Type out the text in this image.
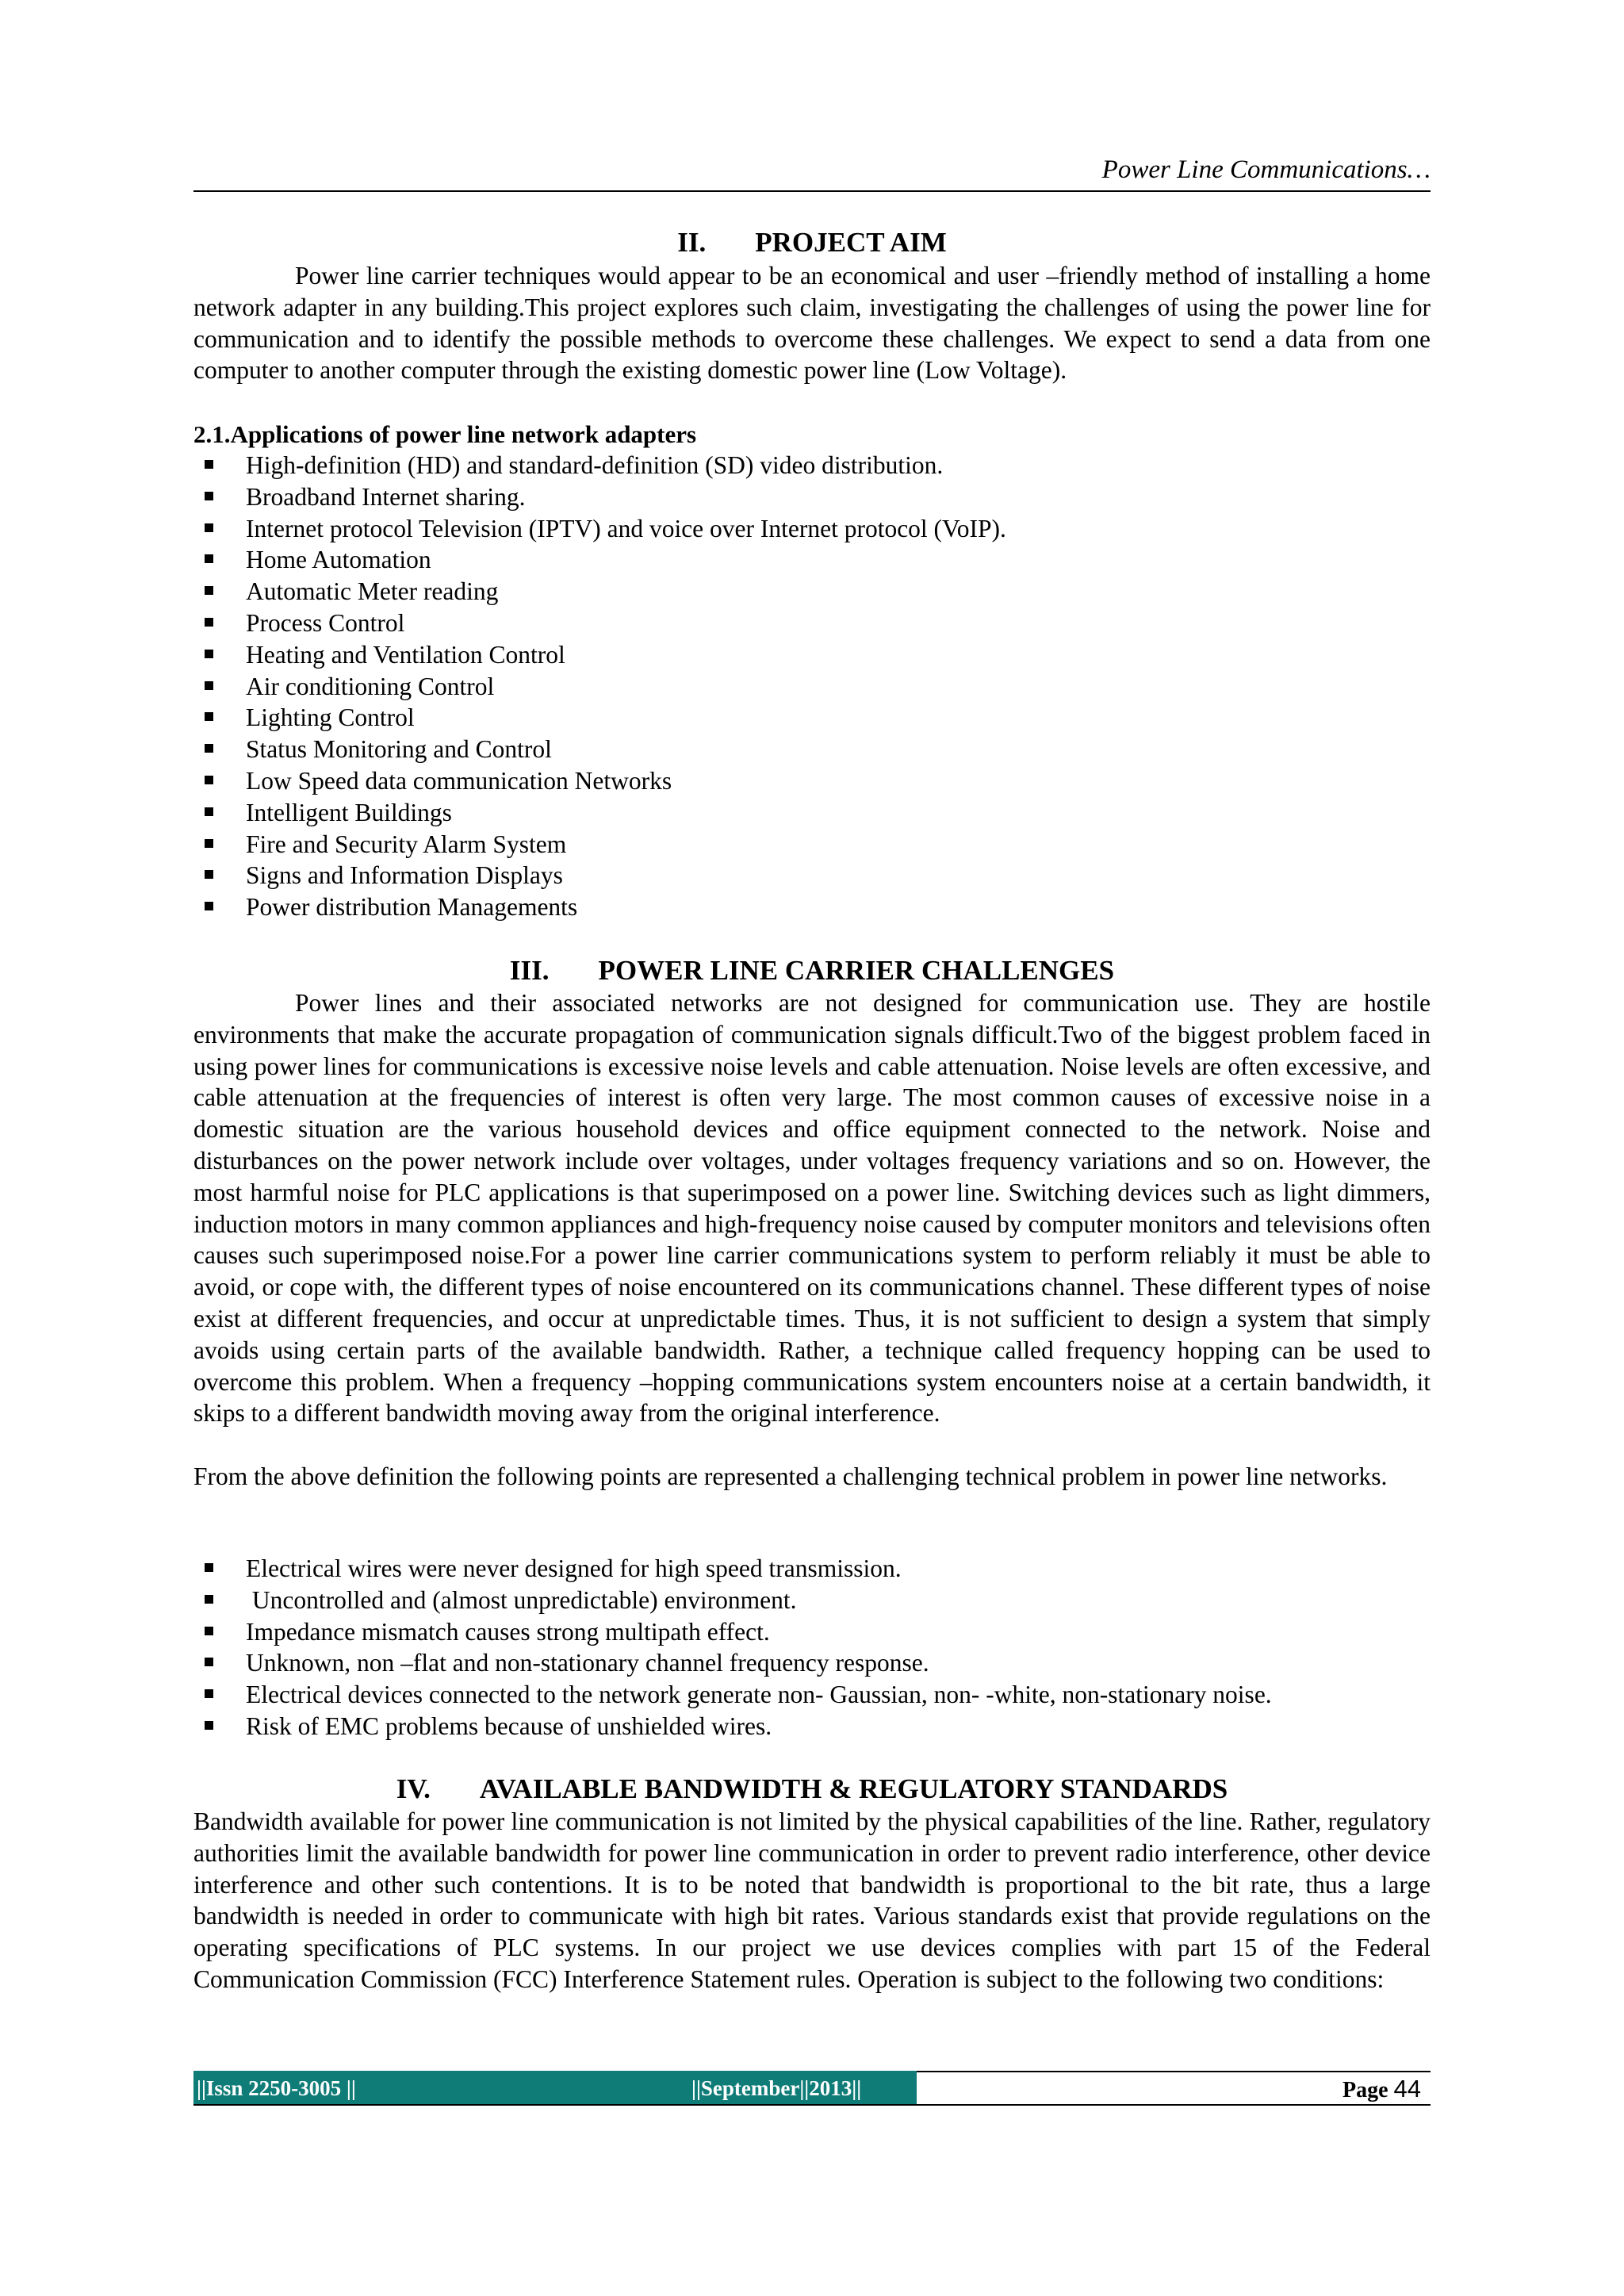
Power Line Communications…
II. PROJECT AIM

Power line carrier techniques would appear to be an economical and user –friendly method of installing a home network adapter in any building.This project explores such claim, investigating the challenges of using the power line for communication and to identify the possible methods to overcome these challenges. We expect to send a data from one computer to another computer through the existing domestic power line (Low Voltage).

2.1.Applications of power line network adapters
High-definition (HD) and standard-definition (SD) video distribution.
Broadband Internet sharing.
Internet protocol Television (IPTV) and voice over Internet protocol (VoIP).
Home Automation
Automatic Meter reading
Process Control
Heating and Ventilation Control
Air conditioning Control
Lighting Control
Status Monitoring and Control
Low Speed data communication Networks
Intelligent Buildings
Fire and Security Alarm System
Signs and Information Displays
Power distribution Managements
III. POWER LINE CARRIER CHALLENGES

Power lines and their associated networks are not designed for communication use. They are hostile environments that make the accurate propagation of communication signals difficult.Two of the biggest problem faced in using power lines for communications is excessive noise levels and cable attenuation. Noise levels are often excessive, and cable attenuation at the frequencies of interest is often very large. The most common causes of excessive noise in a domestic situation are the various household devices and office equipment connected to the network. Noise and disturbances on the power network include over voltages, under voltages frequency variations and so on. However, the most harmful noise for PLC applications is that superimposed on a power line. Switching devices such as light dimmers, induction motors in many common appliances and high-frequency noise caused by computer monitors and televisions often causes such superimposed noise.For a power line carrier communications system to perform reliably it must be able to avoid, or cope with, the different types of noise encountered on its communications channel. These different types of noise exist at different frequencies, and occur at unpredictable times. Thus, it is not sufficient to design a system that simply avoids using certain parts of the available bandwidth. Rather, a technique called frequency hopping can be used to overcome this problem. When a frequency –hopping communications system encounters noise at a certain bandwidth, it skips to a different bandwidth moving away from the original interference.

From the above definition the following points are represented a challenging technical problem in power line networks.

Electrical wires were never designed for high speed transmission.
Uncontrolled and (almost unpredictable) environment.
Impedance mismatch causes strong multipath effect.
Unknown, non –flat and non-stationary channel frequency response.
Electrical devices connected to the network generate non- Gaussian, non- -white, non-stationary noise.
Risk of EMC problems because of unshielded wires.
IV. AVAILABLE BANDWIDTH & REGULATORY STANDARDS

Bandwidth available for power line communication is not limited by the physical capabilities of the line. Rather, regulatory authorities limit the available bandwidth for power line communication in order to prevent radio interference, other device interference and other such contentions. It is to be noted that bandwidth is proportional to the bit rate, thus a large bandwidth is needed in order to communicate with high bit rates. Various standards exist that provide regulations on the operating specifications of PLC systems. In our project we use devices complies with part 15 of the Federal Communication Commission (FCC) Interference Statement rules. Operation is subject to the following two conditions:

||Issn 2250-3005 ||	||September||2013||	Page 44
